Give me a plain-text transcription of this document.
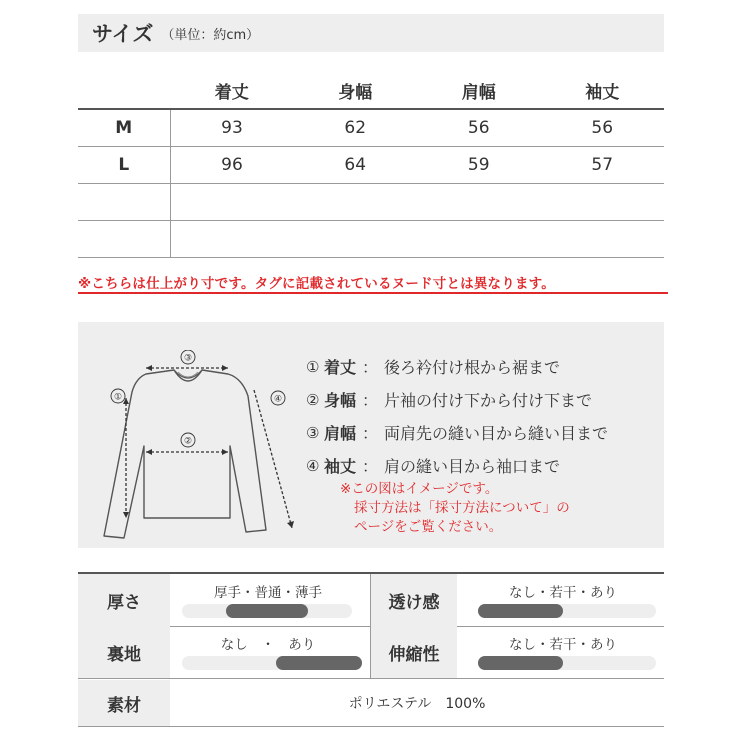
サイズ （単位：約cm）
	着丈	身幅	肩幅	袖丈
M	93	62	56	56
L	96	64	59	57

※こちらは仕上がり寸です。タグに記載されているヌード寸とは異なります。
③
②
①	④
① 着丈 ： 後ろ衿付け根から裾まで
② 身幅 ： 片袖の付け下から付け下まで
③ 肩幅 ： 両肩先の縫い目から縫い目まで
④ 袖丈 ： 肩の縫い目から袖口まで
※この図はイメージです。
採寸方法は「採寸方法について」の
ページをご覧ください。
厚さ	厚手・普通・薄手	透け感	なし・若干・あり
裏地	なし　・　あり	伸縮性	なし・若干・あり
素材	ポリエステル　100%
